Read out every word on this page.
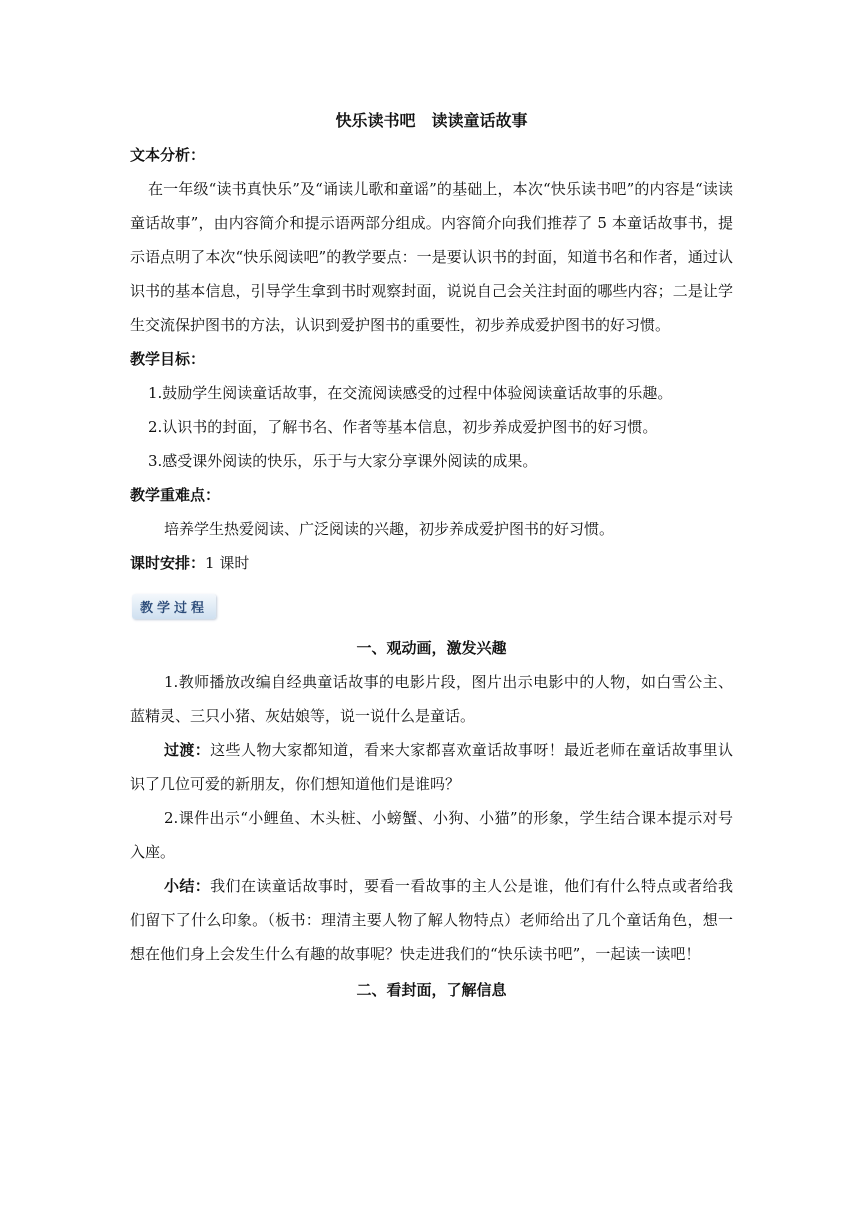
快乐读书吧　读读童话故事

文本分析：

在一年级“读书真快乐”及“诵读儿歌和童谣”的基础上，本次“快乐读书吧”的内容是“读读童话故事”，由内容简介和提示语两部分组成。内容简介向我们推荐了 5 本童话故事书，提示语点明了本次“快乐阅读吧”的教学要点：一是要认识书的封面，知道书名和作者，通过认识书的基本信息，引导学生拿到书时观察封面，说说自己会关注封面的哪些内容；二是让学生交流保护图书的方法，认识到爱护图书的重要性，初步养成爱护图书的好习惯。

教学目标：

1.鼓励学生阅读童话故事，在交流阅读感受的过程中体验阅读童话故事的乐趣。

2.认识书的封面，了解书名、作者等基本信息，初步养成爱护图书的好习惯。

3.感受课外阅读的快乐，乐于与大家分享课外阅读的成果。

教学重难点：

培养学生热爱阅读、广泛阅读的兴趣，初步养成爱护图书的好习惯。

课时安排：1 课时

教学过程

一、观动画，激发兴趣

1.教师播放改编自经典童话故事的电影片段，图片出示电影中的人物，如白雪公主、蓝精灵、三只小猪、灰姑娘等，说一说什么是童话。

过渡：这些人物大家都知道，看来大家都喜欢童话故事呀！最近老师在童话故事里认识了几位可爱的新朋友，你们想知道他们是谁吗？

2.课件出示“小鲤鱼、木头桩、小螃蟹、小狗、小猫”的形象，学生结合课本提示对号入座。

小结：我们在读童话故事时，要看一看故事的主人公是谁，他们有什么特点或者给我们留下了什么印象。（板书：理清主要人物了解人物特点）老师给出了几个童话角色，想一想在他们身上会发生什么有趣的故事呢？快走进我们的“快乐读书吧”，一起读一读吧！

二、看封面，了解信息
